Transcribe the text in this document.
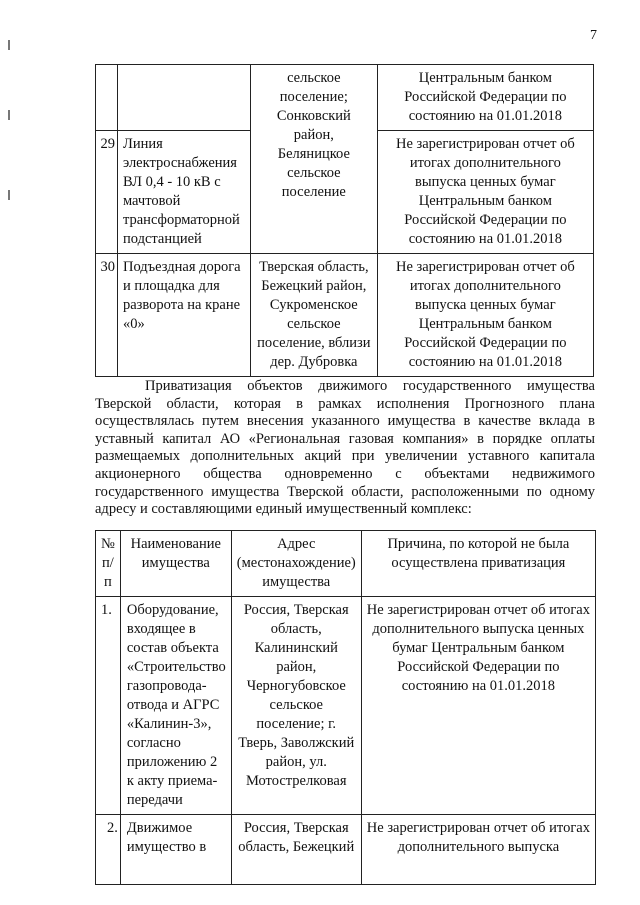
7
		сельское поселение; Сонковский район, Беляницкое сельское поселение	Центральным банком Российской Федерации по состоянию на 01.01.2018
29	Линия электроснабжения ВЛ 0,4 - 10 кВ с мачтовой трансформаторной подстанцией		Не зарегистрирован отчет об итогах дополнительного выпуска ценных бумаг Центральным банком Российской Федерации по состоянию на 01.01.2018
30	Подъездная дорога и площадка для разворота на кране «0»	Тверская область, Бежецкий район, Сукроменское сельское поселение, вблизи дер. Дубровка	Не зарегистрирован отчет об итогах дополнительного выпуска ценных бумаг Центральным банком Российской Федерации по состоянию на 01.01.2018
Приватизация объектов движимого государственного имущества Тверской области, которая в рамках исполнения Прогнозного плана осуществлялась путем внесения указанного имущества в качестве вклада в уставный капитал АО «Региональная газовая компания» в порядке оплаты размещаемых дополнительных акций при увеличении уставного капитала акционерного общества одновременно с объектами недвижимого государственного имущества Тверской области, расположенными по одному адресу и составляющими единый имущественный комплекс:
№ п/п	Наименование имущества	Адрес (местонахождение) имущества	Причина, по которой не была осуществлена приватизация
1.	Оборудование, входящее в состав объекта «Строительство газопровода-отвода и АГРС «Калинин-3», согласно приложению 2 к акту приема-передачи	Россия, Тверская область, Калининский район, Черногубовское сельское поселение; г. Тверь, Заволжский район, ул. Мотострелковая	Не зарегистрирован отчет об итогах дополнительного выпуска ценных бумаг Центральным банком Российской Федерации по состоянию на 01.01.2018
2.	Движимое имущество в	Россия, Тверская область, Бежецкий	Не зарегистрирован отчет об итогах дополнительного выпуска
